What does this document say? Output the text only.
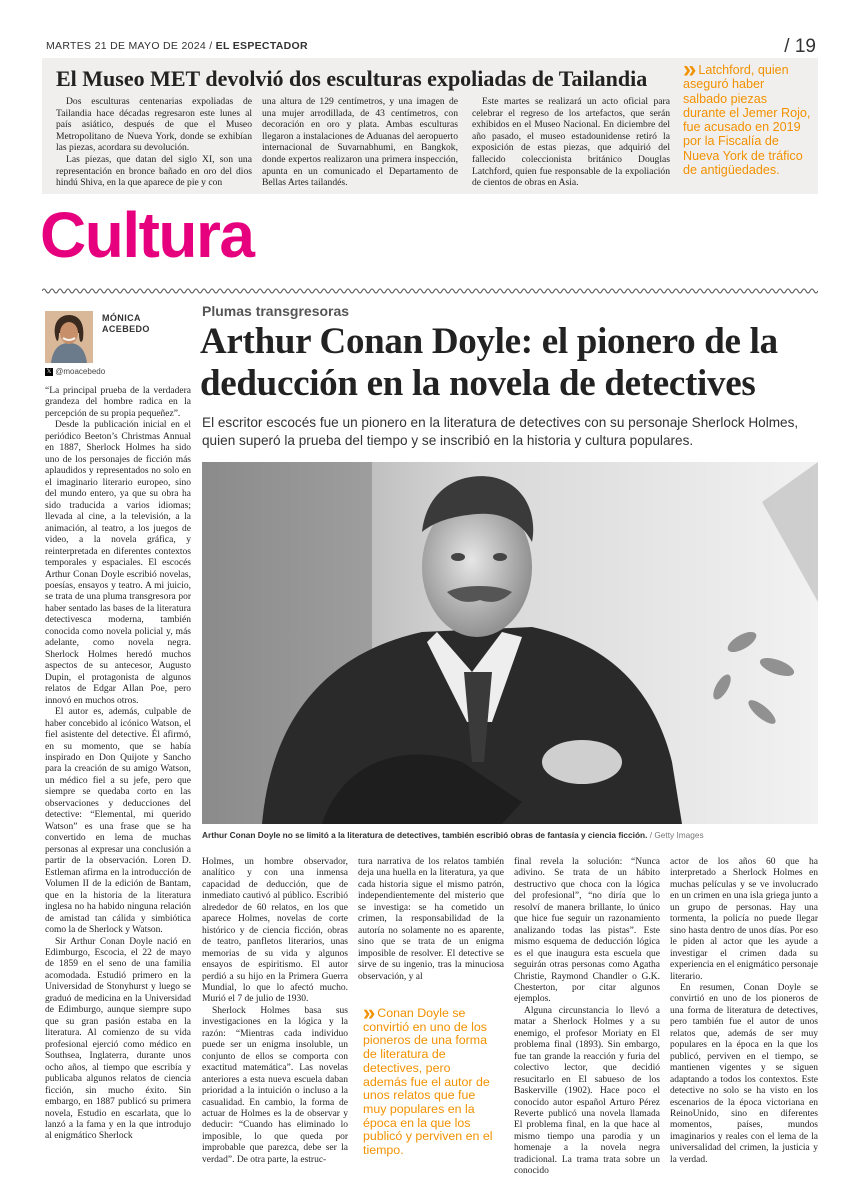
MARTES 21 DE MAYO DE 2024 / EL ESPECTADOR	/ 19
El Museo MET devolvió dos esculturas expoliadas de Tailandia

Dos esculturas centenarias expoliadas de Tailandia hace décadas regresaron este lunes al país asiático, después de que el Museo Metropolitano de Nueva York, donde se exhibían las piezas, acordara su devolución.

Las piezas, que datan del siglo XI, son una representación en bronce bañado en oro del dios hindú Shiva, en la que aparece de pie y con

una altura de 129 centímetros, y una imagen de una mujer arrodillada, de 43 centímetros, con decoración en oro y plata. Ambas esculturas llegaron a instalaciones de Aduanas del aeropuerto internacional de Suvarnabhumi, en Bangkok, donde expertos realizaron una primera inspección, apunta en un comunicado el Departamento de Bellas Artes tailandés.

Este martes se realizará un acto oficial para celebrar el regreso de los artefactos, que serán exhibidos en el Museo Nacional. En diciembre del año pasado, el museo estadounidense retiró la exposición de estas piezas, que adquirió del fallecido coleccionista británico Douglas Latchford, quien fue responsable de la expoliación de cientos de obras en Asia.

» Latchford, quien aseguró haber salbado piezas durante el Jemer Rojo, fue acusado en 2019 por la Fiscalía de Nueva York de tráfico de antigüedades.
Cultura
MÓNICA
ACEBEDO
𝕏 @moacebedo
Plumas transgresoras
Arthur Conan Doyle: el pionero de la deducción en la novela de detectives
El escritor escocés fue un pionero en la literatura de detectives con su personaje Sherlock Holmes, quien superó la prueba del tiempo y se inscribió en la historia y cultura populares.
Arthur Conan Doyle no se limitó a la literatura de detectives, también escribió obras de fantasía y ciencia ficción. / Getty Images

“La principal prueba de la verdadera grandeza del hombre radica en la percepción de su propia pequeñez”.

Desde la publicación inicial en el periódico Beeton’s Christmas Annual en 1887, Sherlock Holmes ha sido uno de los personajes de ficción más aplaudidos y representados no solo en el imaginario literario europeo, sino del mundo entero, ya que su obra ha sido traducida a varios idiomas; llevada al cine, a la televisión, a la animación, al teatro, a los juegos de video, a la novela gráfica, y reinterpretada en diferentes contextos temporales y espaciales. El escocés Arthur Conan Doyle escribió novelas, poesías, ensayos y teatro. A mi juicio, se trata de una pluma transgresora por haber sentado las bases de la literatura detectivesca moderna, también conocida como novela policial y, más adelante, como novela negra. Sherlock Holmes heredó muchos aspectos de su antecesor, Augusto Dupin, el protagonista de algunos relatos de Edgar Allan Poe, pero innovó en muchos otros.

El autor es, además, culpable de haber concebido al icónico Watson, el fiel asistente del detective. Él afirmó, en su momento, que se había inspirado en Don Quijote y Sancho para la creación de su amigo Watson, un médico fiel a su jefe, pero que siempre se quedaba corto en las observaciones y deducciones del detective: “Elemental, mi querido Watson” es una frase que se ha convertido en lema de muchas personas al expresar una conclusión a partir de la observación. Loren D. Estleman afirma en la introducción de Volumen II de la edición de Bantam, que en la historia de la literatura inglesa no ha habido ninguna relación de amistad tan cálida y simbiótica como la de Sherlock y Watson.

Sir Arthur Conan Doyle nació en Edimburgo, Escocia, el 22 de mayo de 1859 en el seno de una familia acomodada. Estudió primero en la Universidad de Stonyhurst y luego se graduó de medicina en la Universidad de Edimburgo, aunque siempre supo que su gran pasión estaba en la literatura. Al comienzo de su vida profesional ejerció como médico en Southsea, Inglaterra, durante unos ocho años, al tiempo que escribía y publicaba algunos relatos de ciencia ficción, sin mucho éxito. Sin embargo, en 1887 publicó su primera novela, Estudio en escarlata, que lo lanzó a la fama y en la que introdujo al enigmático Sherlock

Holmes, un hombre observador, analítico y con una inmensa capacidad de deducción, que de inmediato cautivó al público. Escribió alrededor de 60 relatos, en los que aparece Holmes, novelas de corte histórico y de ciencia ficción, obras de teatro, panfletos literarios, unas memorias de su vida y algunos ensayos de espiritismo. El autor perdió a su hijo en la Primera Guerra Mundial, lo que lo afectó mucho. Murió el 7 de julio de 1930.

Sherlock Holmes basa sus investigaciones en la lógica y la razón: “Mientras cada individuo puede ser un enigma insoluble, un conjunto de ellos se comporta con exactitud matemática”. Las novelas anteriores a esta nueva escuela daban prioridad a la intuición o incluso a la casualidad. En cambio, la forma de actuar de Holmes es la de observar y deducir: “Cuando has eliminado lo imposible, lo que queda por improbable que parezca, debe ser la verdad”. De otra parte, la estruc-

tura narrativa de los relatos también deja una huella en la literatura, ya que cada historia sigue el mismo patrón, independientemente del misterio que se investiga: se ha cometido un crimen, la responsabilidad de la autoría no solamente no es aparente, sino que se trata de un enigma imposible de resolver. El detective se sirve de su ingenio, tras la minuciosa observación, y al

» Conan Doyle se convirtió en uno de los pioneros de una forma de literatura de detectives, pero además fue el autor de unos relatos que fue muy populares en la época en la que los publicó y perviven en el tiempo.

final revela la solución: “Nunca adivino. Se trata de un hábito destructivo que choca con la lógica del profesional”, “no diría que lo resolví de manera brillante, lo único que hice fue seguir un razonamiento analizando todas las pistas”. Este mismo esquema de deducción lógica es el que inaugura esta escuela que seguirán otras personas como Agatha Christie, Raymond Chandler o G.K. Chesterton, por citar algunos ejemplos.

Alguna circunstancia lo llevó a matar a Sherlock Holmes y a su enemigo, el profesor Moriaty en El problema final (1893). Sin embargo, fue tan grande la reacción y furia del colectivo lector, que decidió resucitarlo en El sabueso de los Baskerville (1902). Hace poco el conocido autor español Arturo Pérez Reverte publicó una novela llamada El problema final, en la que hace al mismo tiempo una parodia y un homenaje a la novela negra tradicional. La trama trata sobre un conocido

actor de los años 60 que ha interpretado a Sherlock Holmes en muchas películas y se ve involucrado en un crimen en una isla griega junto a un grupo de personas. Hay una tormenta, la policía no puede llegar sino hasta dentro de unos días. Por eso le piden al actor que les ayude a investigar el crimen dada su experiencia en el enigmático personaje literario.

En resumen, Conan Doyle se convirtió en uno de los pioneros de una forma de literatura de detectives, pero también fue el autor de unos relatos que, además de ser muy populares en la época en la que los publicó, perviven en el tiempo, se mantienen vigentes y se siguen adaptando a todos los contextos. Este detective no solo se ha visto en los escenarios de la época victoriana en ReinoUnido, sino en diferentes momentos, países, mundos imaginarios y reales con el lema de la universalidad del crimen, la justicia y la verdad.
